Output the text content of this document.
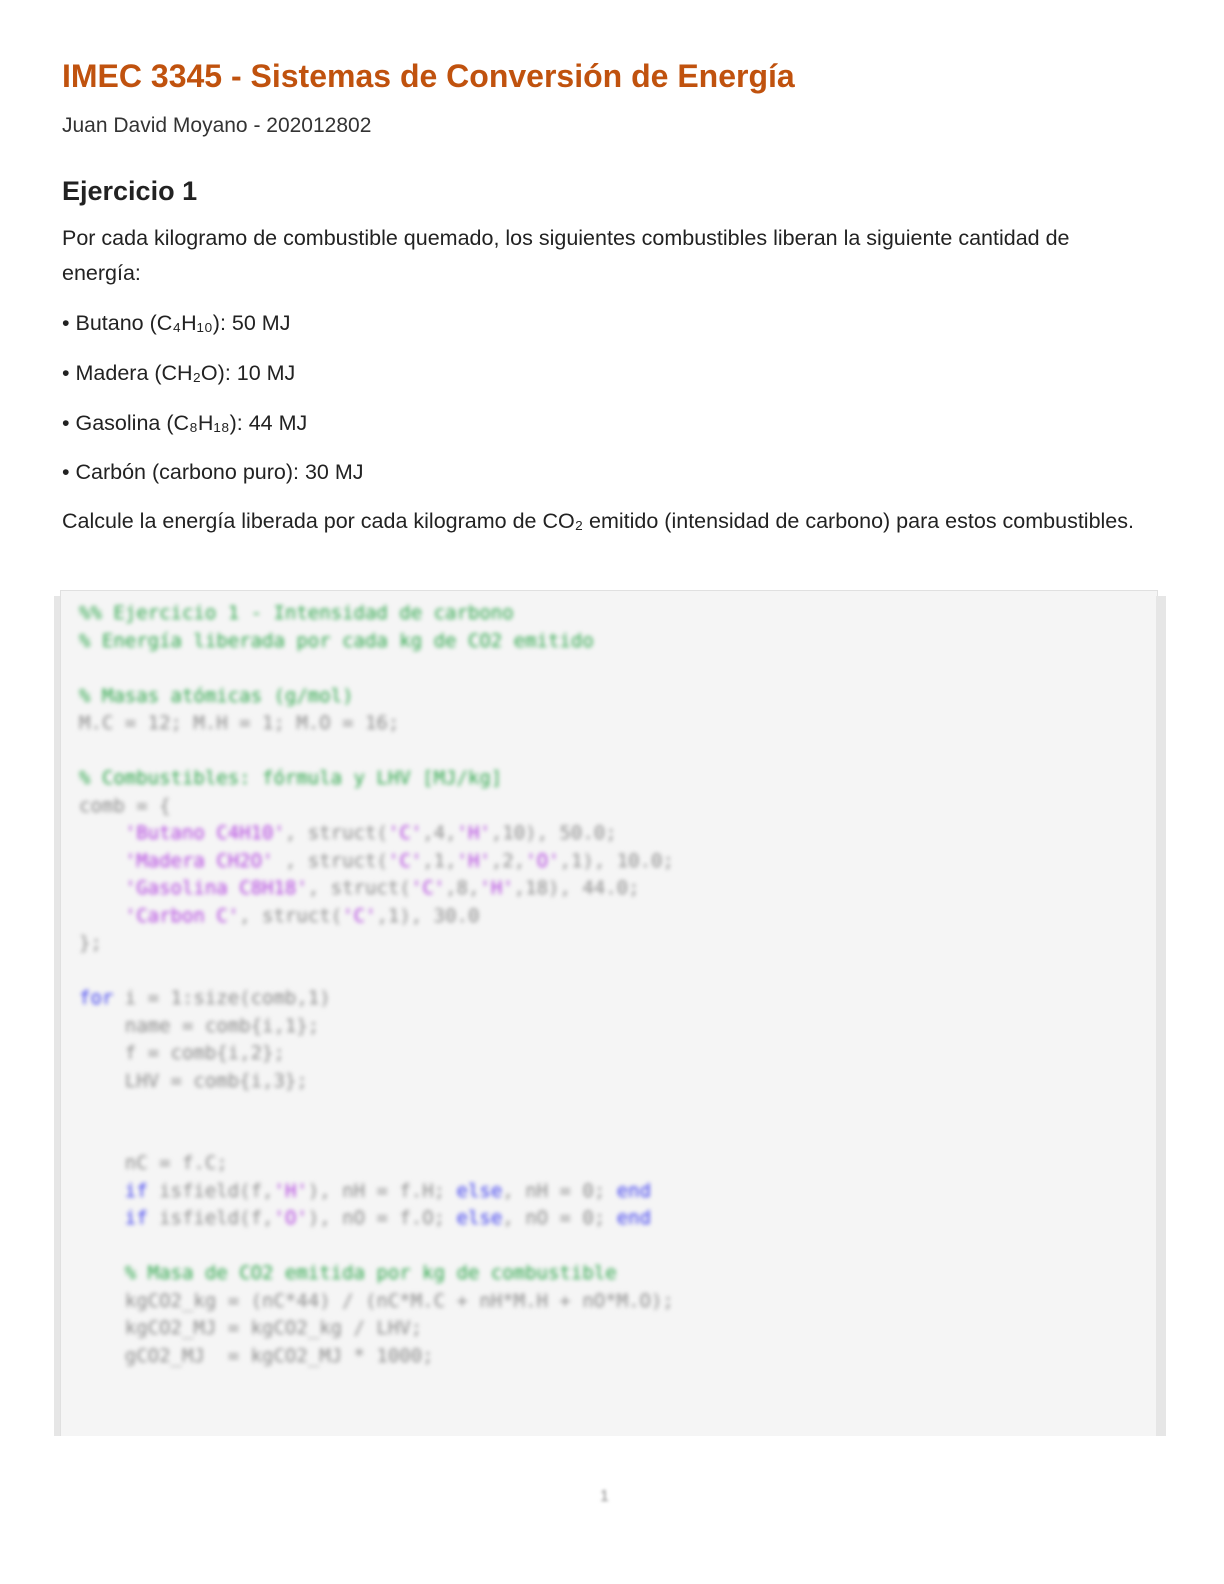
IMEC 3345 - Sistemas de Conversión de Energía

Juan David Moyano - 202012802

Ejercicio 1

Por cada kilogramo de combustible quemado, los siguientes combustibles liberan la siguiente cantidad de energía:

• Butano (C₄H₁₀): 50 MJ

• Madera (CH₂O): 10 MJ

• Gasolina (C₈H₁₈): 44 MJ

• Carbón (carbono puro): 30 MJ

Calcule la energía liberada por cada kilogramo de CO₂ emitido (intensidad de carbono) para estos combustibles.

%% Ejercicio 1 - Intensidad de carbono
% Energía liberada por cada kg de CO2 emitido

% Masas atómicas (g/mol)
M.C = 12; M.H = 1; M.O = 16;

% Combustibles: fórmula y LHV [MJ/kg]
comb = {
'Butano C4H10', struct('C',4,'H',10), 50.0;
'Madera CH2O' , struct('C',1,'H',2,'O',1), 10.0;
'Gasolina C8H18', struct('C',8,'H',18), 44.0;
'Carbon C', struct('C',1), 30.0
};

for i = 1:size(comb,1)
name = comb{i,1};
f = comb{i,2};
LHV = comb{i,3};

nC = f.C;
if isfield(f,'H'), nH = f.H; else, nH = 0; end
if isfield(f,'O'), nO = f.O; else, nO = 0; end

% Masa de CO2 emitida por kg de combustible
kgCO2_kg = (nC*44) / (nC*M.C + nH*M.H + nO*M.O);
kgCO2_MJ = kgCO2_kg / LHV;
gCO2_MJ  = kgCO2_MJ * 1000;
1
